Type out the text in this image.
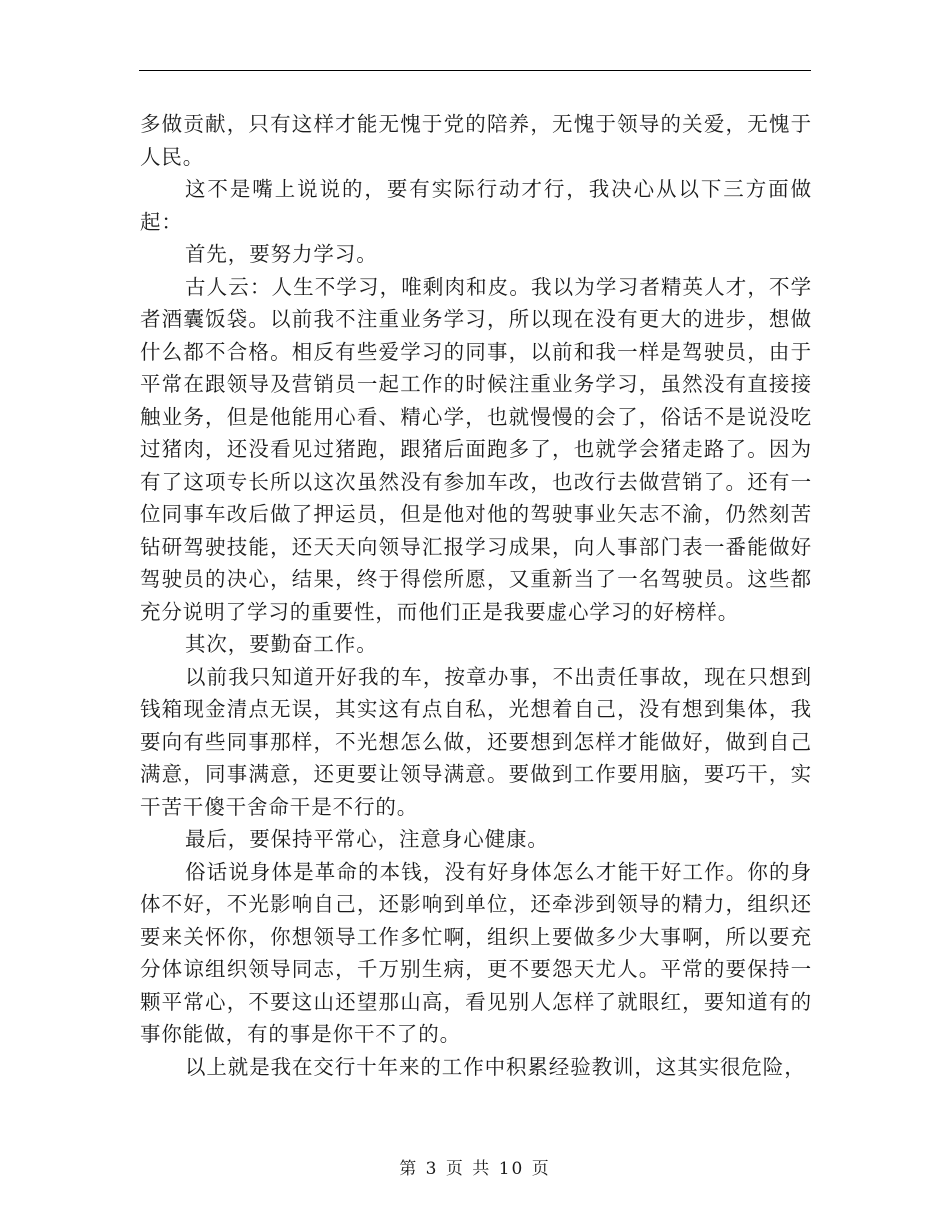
多做贡献，只有这样才能无愧于党的陪养，无愧于领导的关爱，无愧于人民。

这不是嘴上说说的，要有实际行动才行，我决心从以下三方面做起：

首先，要努力学习。

古人云：人生不学习，唯剩肉和皮。我以为学习者精英人才，不学者酒囊饭袋。以前我不注重业务学习，所以现在没有更大的进步，想做什么都不合格。相反有些爱学习的同事，以前和我一样是驾驶员，由于平常在跟领导及营销员一起工作的时候注重业务学习，虽然没有直接接触业务，但是他能用心看、精心学，也就慢慢的会了，俗话不是说没吃过猪肉，还没看见过猪跑，跟猪后面跑多了，也就学会猪走路了。因为有了这项专长所以这次虽然没有参加车改，也改行去做营销了。还有一位同事车改后做了押运员，但是他对他的驾驶事业矢志不渝，仍然刻苦钻研驾驶技能，还天天向领导汇报学习成果，向人事部门表一番能做好驾驶员的决心，结果，终于得偿所愿，又重新当了一名驾驶员。这些都充分说明了学习的重要性，而他们正是我要虚心学习的好榜样。

其次，要勤奋工作。

以前我只知道开好我的车，按章办事，不出责任事故，现在只想到钱箱现金清点无误，其实这有点自私，光想着自己，没有想到集体，我要向有些同事那样，不光想怎么做，还要想到怎样才能做好，做到自己满意，同事满意，还更要让领导满意。要做到工作要用脑，要巧干，实干苦干傻干舍命干是不行的。

最后，要保持平常心，注意身心健康。

俗话说身体是革命的本钱，没有好身体怎么才能干好工作。你的身体不好，不光影响自己，还影响到单位，还牵涉到领导的精力，组织还要来关怀你，你想领导工作多忙啊，组织上要做多少大事啊，所以要充分体谅组织领导同志，千万别生病，更不要怨天尤人。平常的要保持一颗平常心，不要这山还望那山高，看见别人怎样了就眼红，要知道有的事你能做，有的事是你干不了的。

以上就是我在交行十年来的工作中积累经验教训，这其实很危险，

第 3 页 共 10 页
